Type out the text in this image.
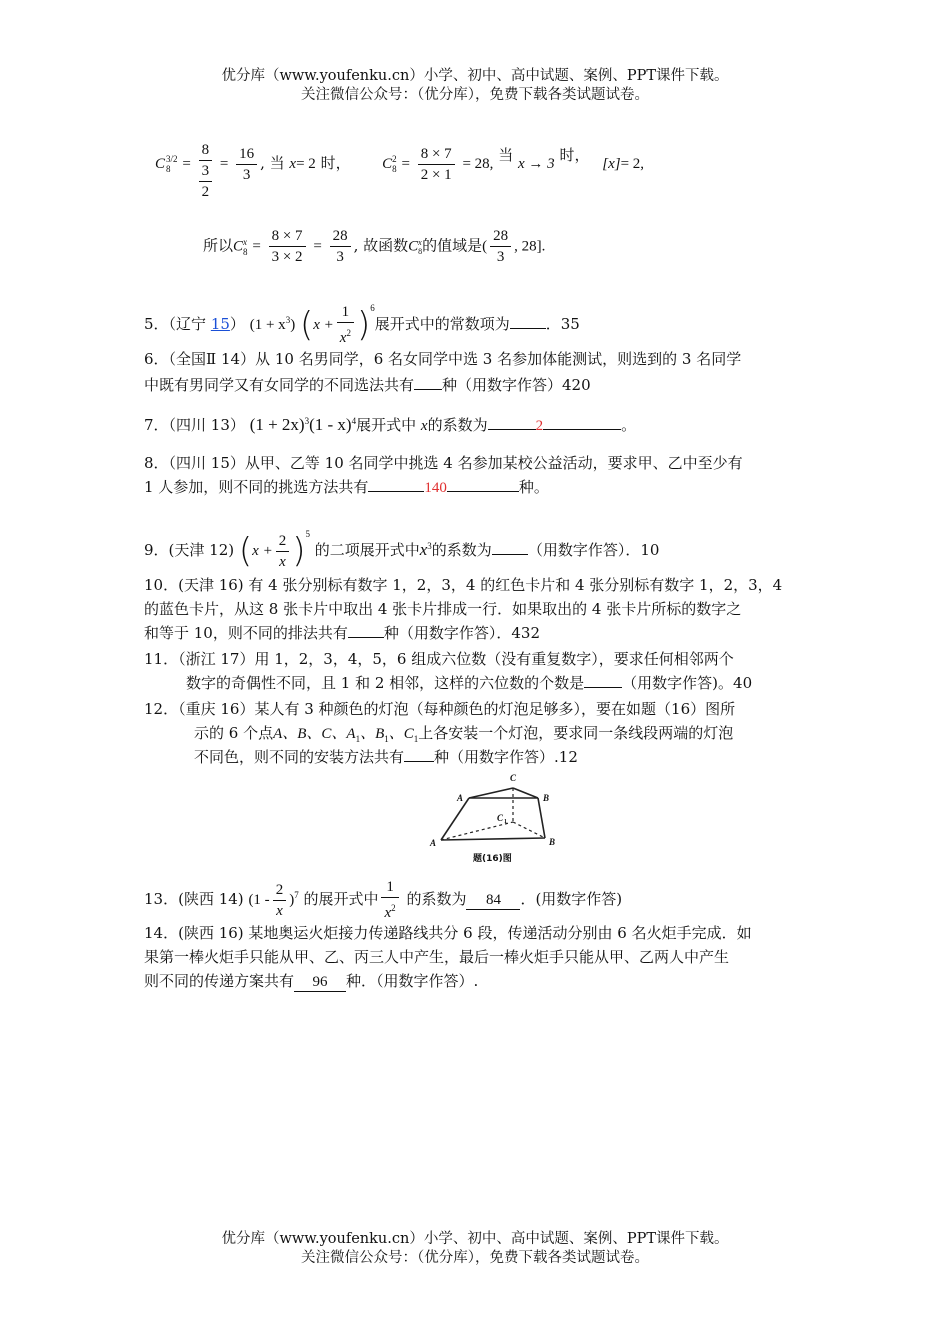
优分库（www.youfenku.cn）小学、初中、高中试题、案例、PPT课件下载。
关注微信公众号：（优分库），免费下载各类试题试卷。
C 3/2
8 =
8
3
2
= $\frac{16}{3}$ , 当 x= 2 时， C 2
$8 = \frac{8 \times 7}{2 \times 1} = 28$, 当 x → 3 时， [x]= 2,
所以C x
$8 = \frac{8 \times 7}{3 \times 2} = \frac{28}{3}$ , 故函数C x
8 的值域是( $\frac{28}{3}$ , 28].
5．（辽宁 15） $(1 + x^3)$ $(x + \frac{1}{x^2} )^6$展开式中的常数项为 ．35
6．（全国Ⅱ 14）从 10 名男同学，6 名女同学中选 3 名参加体能测试，则选到的 3 名同学
中既有男同学又有女同学的不同选法共有 种（用数字作答）420
7．（四川 13） $(1 + 2x)^3(1 - x)^4$展开式中 x的系数为	2	。
8．（四川 15）从甲、乙等 10 名同学中挑选 4 名参加某校公益活动，要求甲、乙中至少有
1 人参加，则不同的挑选方法共有	140	种。
9．(天津 12) $(x + \frac{2}{x} )^5$ 的二项展开式中$x^3$的系数为 （用数字作答）．10
10．(天津 16) 有 4 张分别标有数字 1，2，3，4 的红色卡片和 4 张分别标有数字 1，2，3，4
的蓝色卡片，从这 8 张卡片中取出 4 张卡片排成一行．如果取出的 4 张卡片所标的数字之
和等于 10，则不同的排法共有 种（用数字作答）．432
11．（浙江 17）用 1，2，3，4，5，6 组成六位数（没有重复数字），要求任何相邻两个
数字的奇偶性不同，且 1 和 2 相邻，这样的六位数的个数是	（用数字作答)。40
12．（重庆 16）某人有 3 种颜色的灯泡（每种颜色的灯泡足够多），要在如题（16）图所
示的 6 个点A、B、C、$A_1$、$B_1$、$C_1$上各安装一个灯泡，要求同一条线段两端的灯泡
不同色，则不同的安装方法共有 种（用数字作答）.12
C
A	B
C 1
A	B
题(16)图
13．(陕西 14) $(1 - \frac{2}{x} )^7$ 的展开式中 $\frac{1}{x^2}$ 的系数为 84 ．(用数字作答)
14．(陕西 16) 某地奥运火炬接力传递路线共分 6 段，传递活动分别由 6 名火炬手完成．如
果第一棒火炬手只能从甲、乙、丙三人中产生，最后一棒火炬手只能从甲、乙两人中产生
则不同的传递方案共有 96 种．（用数字作答）.
优分库（www.youfenku.cn）小学、初中、高中试题、案例、PPT课件下载。
关注微信公众号：（优分库），免费下载各类试题试卷。
